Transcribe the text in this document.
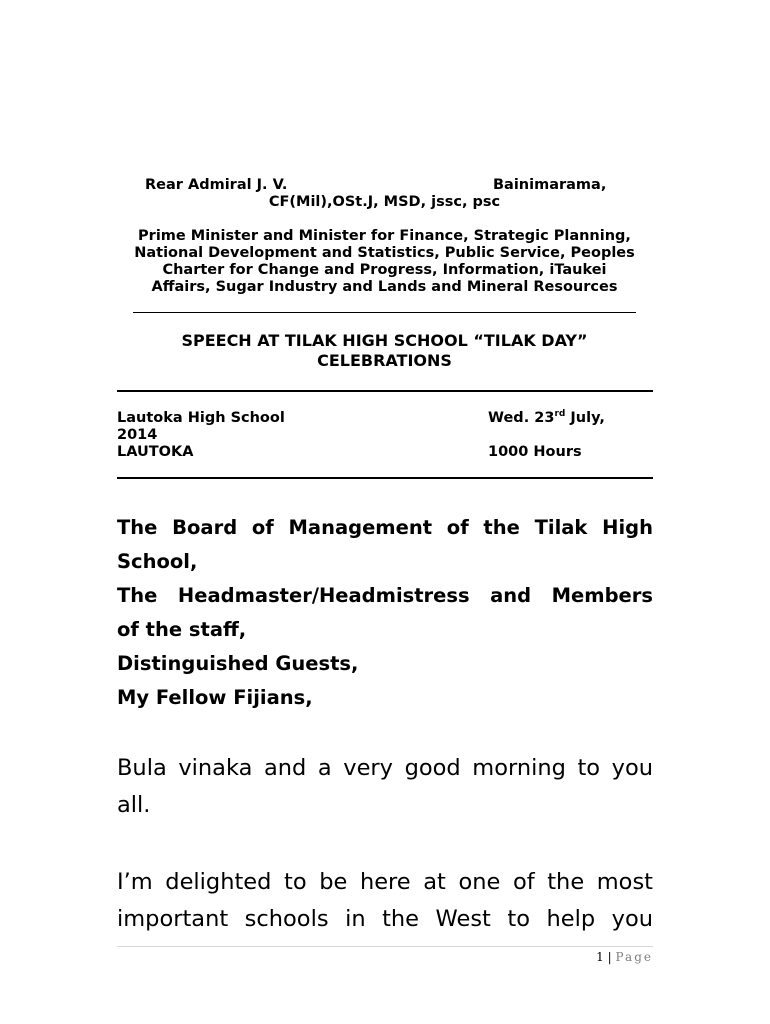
Rear Admiral J. V.	Bainimarama,
CF(Mil),OSt.J, MSD, jssc, psc
Prime Minister and Minister for Finance, Strategic Planning,
National Development and Statistics, Public Service, Peoples
Charter for Change and Progress, Information, iTaukei
Affairs, Sugar Industry and Lands and Mineral Resources
SPEECH AT TILAK HIGH SCHOOL “TILAK DAY”
CELEBRATIONS
Lautoka High School	Wed. 23rd July,
2014
LAUTOKA	1000 Hours
The Board of Management of the Tilak High
School,
The Headmaster/Headmistress and Members
of the staff,
Distinguished Guests,
My Fellow Fijians,
Bula vinaka and a very good morning to you
all.
I’m delighted to be here at one of the most
important schools in the West to help you
1 | Page
